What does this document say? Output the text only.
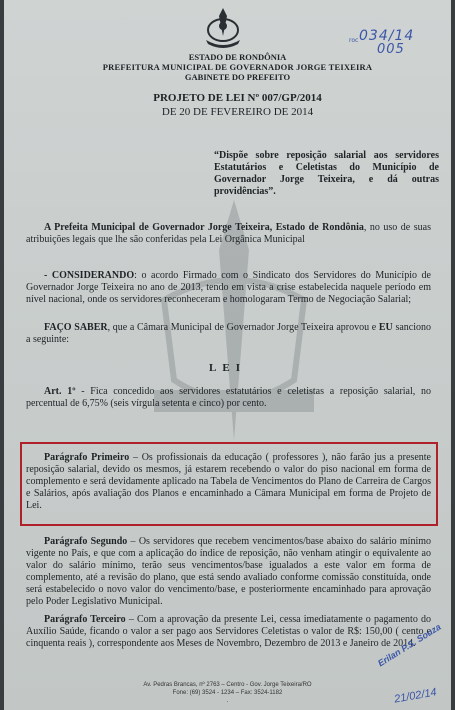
ESTADO DE RONDÔNIA
PREFEITURA MUNICIPAL DE GOVERNADOR JORGE TEIXEIRA
GABINETE DO PREFEITO
PROJETO DE LEI Nº 007/GP/2014
DE 20 DE FEVEREIRO DE 2014
roc 034/14
005
“Dispõe sobre reposição salarial aos servidores Estatutários e Celetistas do Município de Governador Jorge Teixeira, e dá outras providências”.
A Prefeita Municipal de Governador Jorge Teixeira, Estado de Rondônia, no uso de suas atribuições legais que lhe são conferidas pela Lei Orgânica Municipal
- CONSIDERANDO: o acordo Firmado com o Sindicato dos Servidores do Município de Governador Jorge Teixeira no ano de 2013, tendo em vista a crise estabelecida naquele período em nível nacional, onde os servidores reconheceram e homologaram Termo de Negociação Salarial;
FAÇO SABER, que a Câmara Municipal de Governador Jorge Teixeira aprovou e EU sanciono a seguinte:
LEI
Art. 1º - Fica concedido aos servidores estatutários e celetistas a reposição salarial, no percentual de 6,75% (seis vírgula setenta e cinco) por cento.
Parágrafo Primeiro – Os profissionais da educação ( professores ), não farão jus a presente reposição salarial, devido os mesmos, já estarem recebendo o valor do piso nacional em forma de complemento e será devidamente aplicado na Tabela de Vencimentos do Plano de Carreira de Cargos e Salários, após avaliação dos Planos e encaminhado a Câmara Municipal em forma de Projeto de Lei.
Parágrafo Segundo – Os servidores que recebem vencimentos/base abaixo do salário mínimo vigente no País, e que com a aplicação do índice de reposição, não venham atingir o equivalente ao valor do salário mínimo, terão seus vencimentos/base igualados a este valor em forma de complemento, até a revisão do plano, que está sendo avaliado conforme comissão constituída, onde será estabelecido o novo valor do vencimento/base, e posteriormente encaminhado para aprovação pelo Poder Legislativo Municipal.
Parágrafo Terceiro – Com a aprovação da presente Lei, cessa imediatamente o pagamento do Auxílio Saúde, ficando o valor a ser pago aos Servidores Celetistas o valor de R$: 150,00 ( cento e cinquenta reais ), correspondente aos Meses de Novembro, Dezembro de 2013 e Janeiro de 2014.
Av. Pedras Brancas, nº 2763 – Centro - Gov. Jorge Teixeira/RO
Fone: (69) 3524 - 1234 – Fax: 3524-1182
.
Erilan P.S. Souza
21/02/14
